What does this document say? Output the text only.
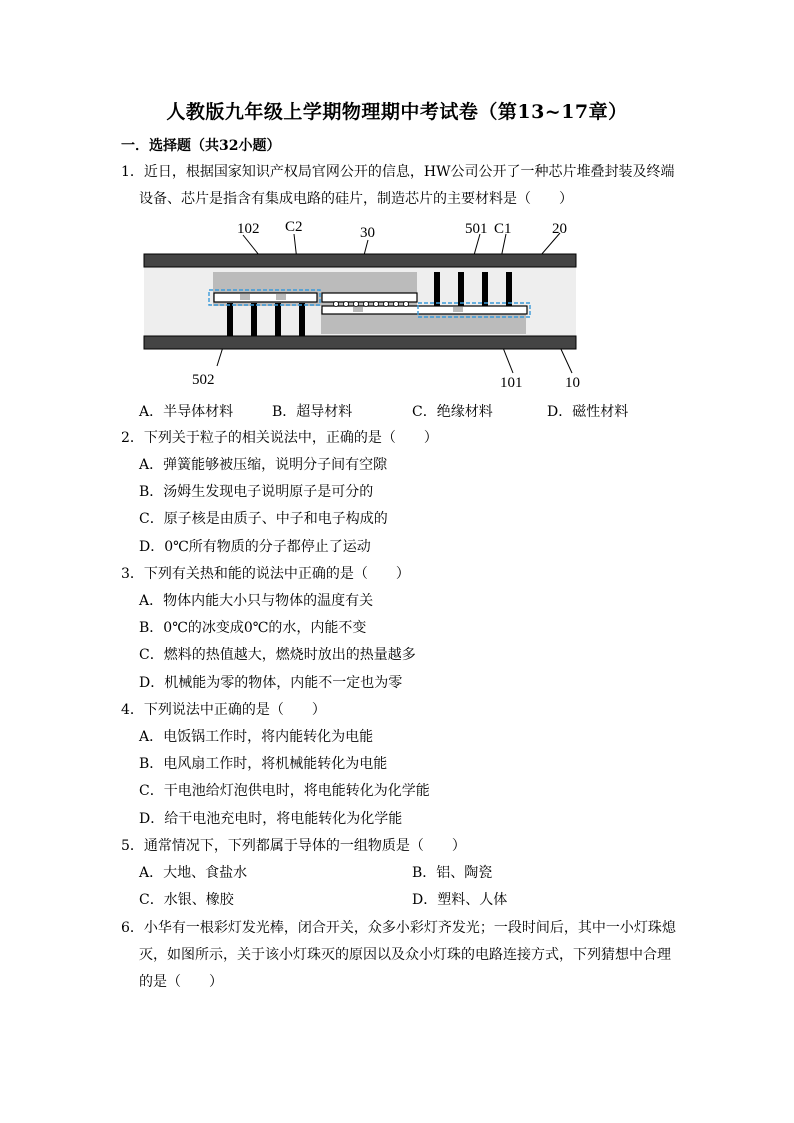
人教版九年级上学期物理期中考试卷（第13~17章）
一．选择题（共32小题）
1．近日，根据国家知识产权局官网公开的信息，HW公司公开了一种芯片堆叠封装及终端
设备、芯片是指含有集成电路的硅片，制造芯片的主要材料是（　　）
102 C2	30	501 C1	20
502	101	10
A．半导体材料	B．超导材料	C．绝缘材料	D．磁性材料
2．下列关于粒子的相关说法中，正确的是（　　）
A．弹簧能够被压缩，说明分子间有空隙
B．汤姆生发现电子说明原子是可分的
C．原子核是由质子、中子和电子构成的
D．0℃所有物质的分子都停止了运动
3．下列有关热和能的说法中正确的是（　　）
A．物体内能大小只与物体的温度有关
B．0℃的冰变成0℃的水，内能不变
C．燃料的热值越大，燃烧时放出的热量越多
D．机械能为零的物体，内能不一定也为零
4．下列说法中正确的是（　　）
A．电饭锅工作时，将内能转化为电能
B．电风扇工作时，将机械能转化为电能
C．干电池给灯泡供电时，将电能转化为化学能
D．给干电池充电时，将电能转化为化学能
5．通常情况下，下列都属于导体的一组物质是（　　）
A．大地、食盐水	B．铝、陶瓷
C．水银、橡胶	D．塑料、人体
6．小华有一根彩灯发光棒，闭合开关，众多小彩灯齐发光；一段时间后，其中一小灯珠熄
灭，如图所示，关于该小灯珠灭的原因以及众小灯珠的电路连接方式，下列猜想中合理
的是（　　）
